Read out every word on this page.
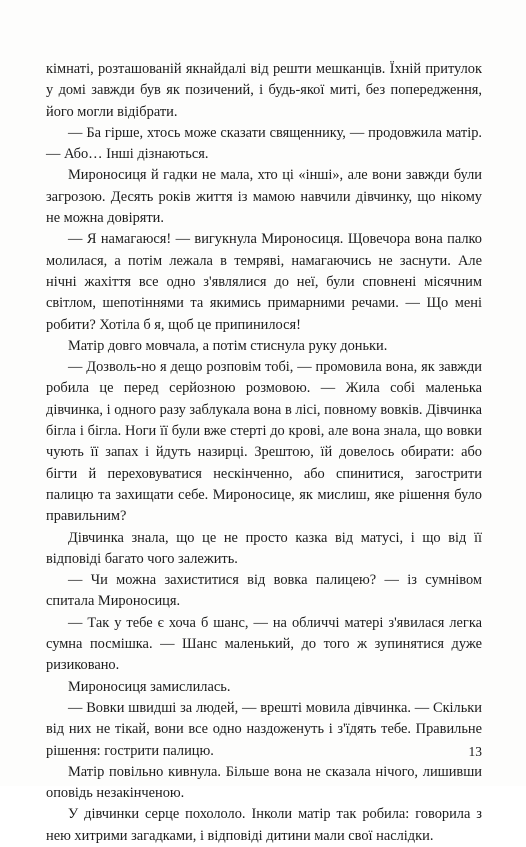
кімнаті, розташованій якнайдалі від решти мешканців. Їхній притулок у домі завжди був як позичений, і будь-якої миті, без попередження, його могли відібрати.

— Ба гірше, хтось може сказати священнику, — продовжила матір. — Або… Інші дізнаються.

Мироносиця й гадки не мала, хто ці «інші», але вони завжди були загрозою. Десять років життя із мамою навчили дівчинку, що нікому не можна довіряти.

— Я намагаюся! — вигукнула Мироносиця. Щовечора вона палко молилася, а потім лежала в темряві, намагаючись не заснути. Але нічні жахіття все одно з'являлися до неї, були сповнені місячним світлом, шепотіннями та якимись примарними речами. — Що мені робити? Хотіла б я, щоб це припинилося!

Матір довго мовчала, а потім стиснула руку доньки.

— Дозволь-но я дещо розповім тобі, — промовила вона, як завжди робила це перед серйозною розмовою. — Жила собі маленька дівчинка, і одного разу заблукала вона в лісі, повному вовків. Дівчинка бігла і бігла. Ноги її були вже стерті до крові, але вона знала, що вовки чують її запах і йдуть назирці. Зрештою, їй довелось обирати: або бігти й переховуватися нескінченно, або спинитися, загострити палицю та захищати себе. Мироносице, як мислиш, яке рішення було правильним?

Дівчинка знала, що це не просто казка від матусі, і що від її відповіді багато чого залежить.

— Чи можна захиститися від вовка палицею? — із сумнівом спитала Мироносиця.

— Так у тебе є хоча б шанс, — на обличчі матері з'явилася легка сумна посмішка. — Шанс маленький, до того ж зупинятися дуже ризиковано.

Мироносиця замислилась.

— Вовки швидші за людей, — врешті мовила дівчинка. — Скільки від них не тікай, вони все одно наздоженуть і з'їдять тебе. Правильне рішення: гострити палицю.

Матір повільно кивнула. Більше вона не сказала нічого, лишивши оповідь незакінченою.

У дівчинки серце похололо. Інколи матір так робила: говорила з нею хитрими загадками, і відповіді дитини мали свої наслідки.

13
